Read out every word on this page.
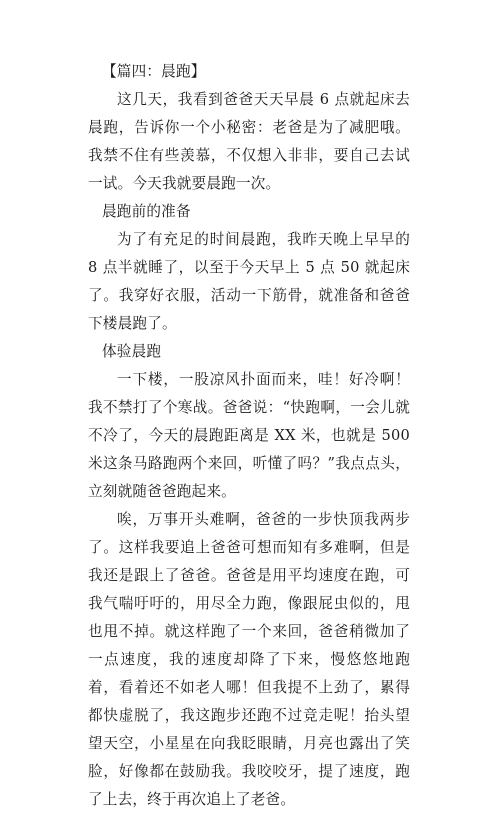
【篇四：晨跑】

这几天，我看到爸爸天天早晨 6 点就起床去晨跑，告诉你一个小秘密：老爸是为了减肥哦。我禁不住有些羡慕，不仅想入非非，要自己去试一试。今天我就要晨跑一次。

晨跑前的准备

为了有充足的时间晨跑，我昨天晚上早早的 8 点半就睡了，以至于今天早上 5 点 50 就起床了。我穿好衣服，活动一下筋骨，就准备和爸爸下楼晨跑了。

体验晨跑

一下楼，一股凉风扑面而来，哇！好冷啊！我不禁打了个寒战。爸爸说：“快跑啊，一会儿就不冷了，今天的晨跑距离是 XX 米，也就是 500 米这条马路跑两个来回，听懂了吗？”我点点头，立刻就随爸爸跑起来。

唉，万事开头难啊，爸爸的一步快顶我两步了。这样我要追上爸爸可想而知有多难啊，但是我还是跟上了爸爸。爸爸是用平均速度在跑，可我气喘吁吁的，用尽全力跑，像跟屁虫似的，甩也甩不掉。就这样跑了一个来回，爸爸稍微加了一点速度，我的速度却降了下来，慢悠悠地跑着，看着还不如老人哪！但我提不上劲了，累得都快虚脱了，我这跑步还跑不过竞走呢！抬头望望天空，小星星在向我眨眼睛，月亮也露出了笑脸，好像都在鼓励我。我咬咬牙，提了速度，跑了上去，终于再次追上了老爸。
